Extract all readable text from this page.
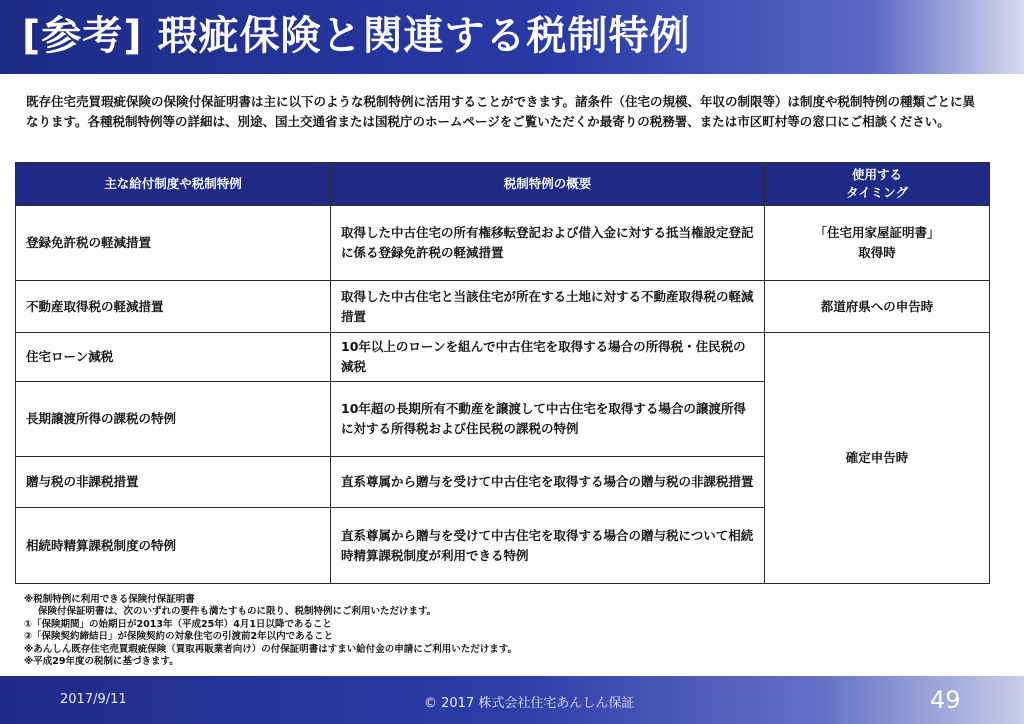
[参考] 瑕疵保険と関連する税制特例
既存住宅売買瑕疵保険の保険付保証明書は主に以下のような税制特例に活用することができます。諸条件（住宅の規模、年収の制限等）は制度や税制特例の種類ごとに異なります。各種税制特例等の詳細は、別途、国土交通省または国税庁のホームページをご覧いただくか最寄りの税務署、または市区町村等の窓口にご相談ください。
主な給付制度や税制特例	税制特例の概要	使用する
タイミング

登録免許税の軽減措置	取得した中古住宅の所有権移転登記および借入金に対する抵当権設定登記に係る登録免許税の軽減措置	「住宅用家屋証明書」
取得時

不動産取得税の軽減措置	取得した中古住宅と当該住宅が所在する土地に対する不動産取得税の軽減措置	都道府県への申告時
住宅ローン減税	10年以上のローンを組んで中古住宅を取得する場合の所得税・住民税の減税	確定申告時
長期譲渡所得の課税の特例	10年超の長期所有不動産を譲渡して中古住宅を取得する場合の譲渡所得に対する所得税および住民税の課税の特例	
贈与税の非課税措置	直系尊属から贈与を受けて中古住宅を取得する場合の贈与税の非課税措置	
相続時精算課税制度の特例	直系尊属から贈与を受けて中古住宅を取得する場合の贈与税について相続時精算課税制度が利用できる特例	
※税制特例に利用できる保険付保証明書
保険付保証明書は、次のいずれの要件も満たすものに限り、税制特例にご利用いただけます。
①「保険期間」の始期日が2013年（平成25年）4月1日以降であること
②「保険契約締結日」が保険契約の対象住宅の引渡前2年以内であること
※あんしん既存住宅売買瑕疵保険（買取再販業者向け）の付保証明書はすまい給付金の申請にご利用いただけます。
※平成29年度の税制に基づきます。
2017/9/11	© 2017 株式会社住宅あんしん保証	49
